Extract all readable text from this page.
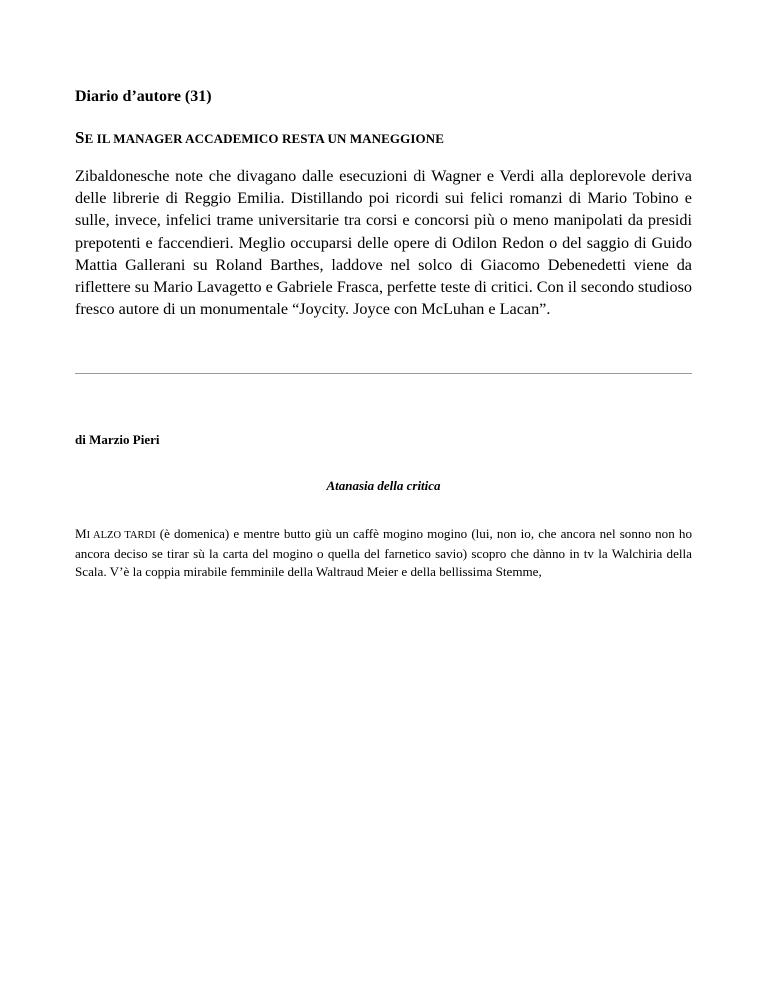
Diario d’autore (31)

SE IL MANAGER ACCADEMICO RESTA UN MANEGGIONE

Zibaldonesche note che divagano dalle esecuzioni di Wagner e Verdi alla deplorevole deriva delle librerie di Reggio Emilia. Distillando poi ricordi sui felici romanzi di Mario Tobino e sulle, invece, infelici trame universitarie tra corsi e concorsi più o meno manipolati da presidi prepotenti e faccendieri. Meglio occuparsi delle opere di Odilon Redon o del saggio di Guido Mattia Gallerani su Roland Barthes, laddove nel solco di Giacomo Debenedetti viene da riflettere su Mario Lavagetto e Gabriele Frasca, perfette teste di critici. Con il secondo studioso fresco autore di un monumentale “Joycity. Joyce con McLuhan e Lacan”.

di Marzio Pieri

Atanasia della critica

MI ALZO TARDI (è domenica) e mentre butto giù un caffè mogino mogino (lui, non io, che ancora nel sonno non ho ancora deciso se tirar sù la carta del mogino o quella del farnetico savio) scopro che dànno in tv la Walchiria della Scala. V’è la coppia mirabile femminile della Waltraud Meier e della bellissima Stemme,
